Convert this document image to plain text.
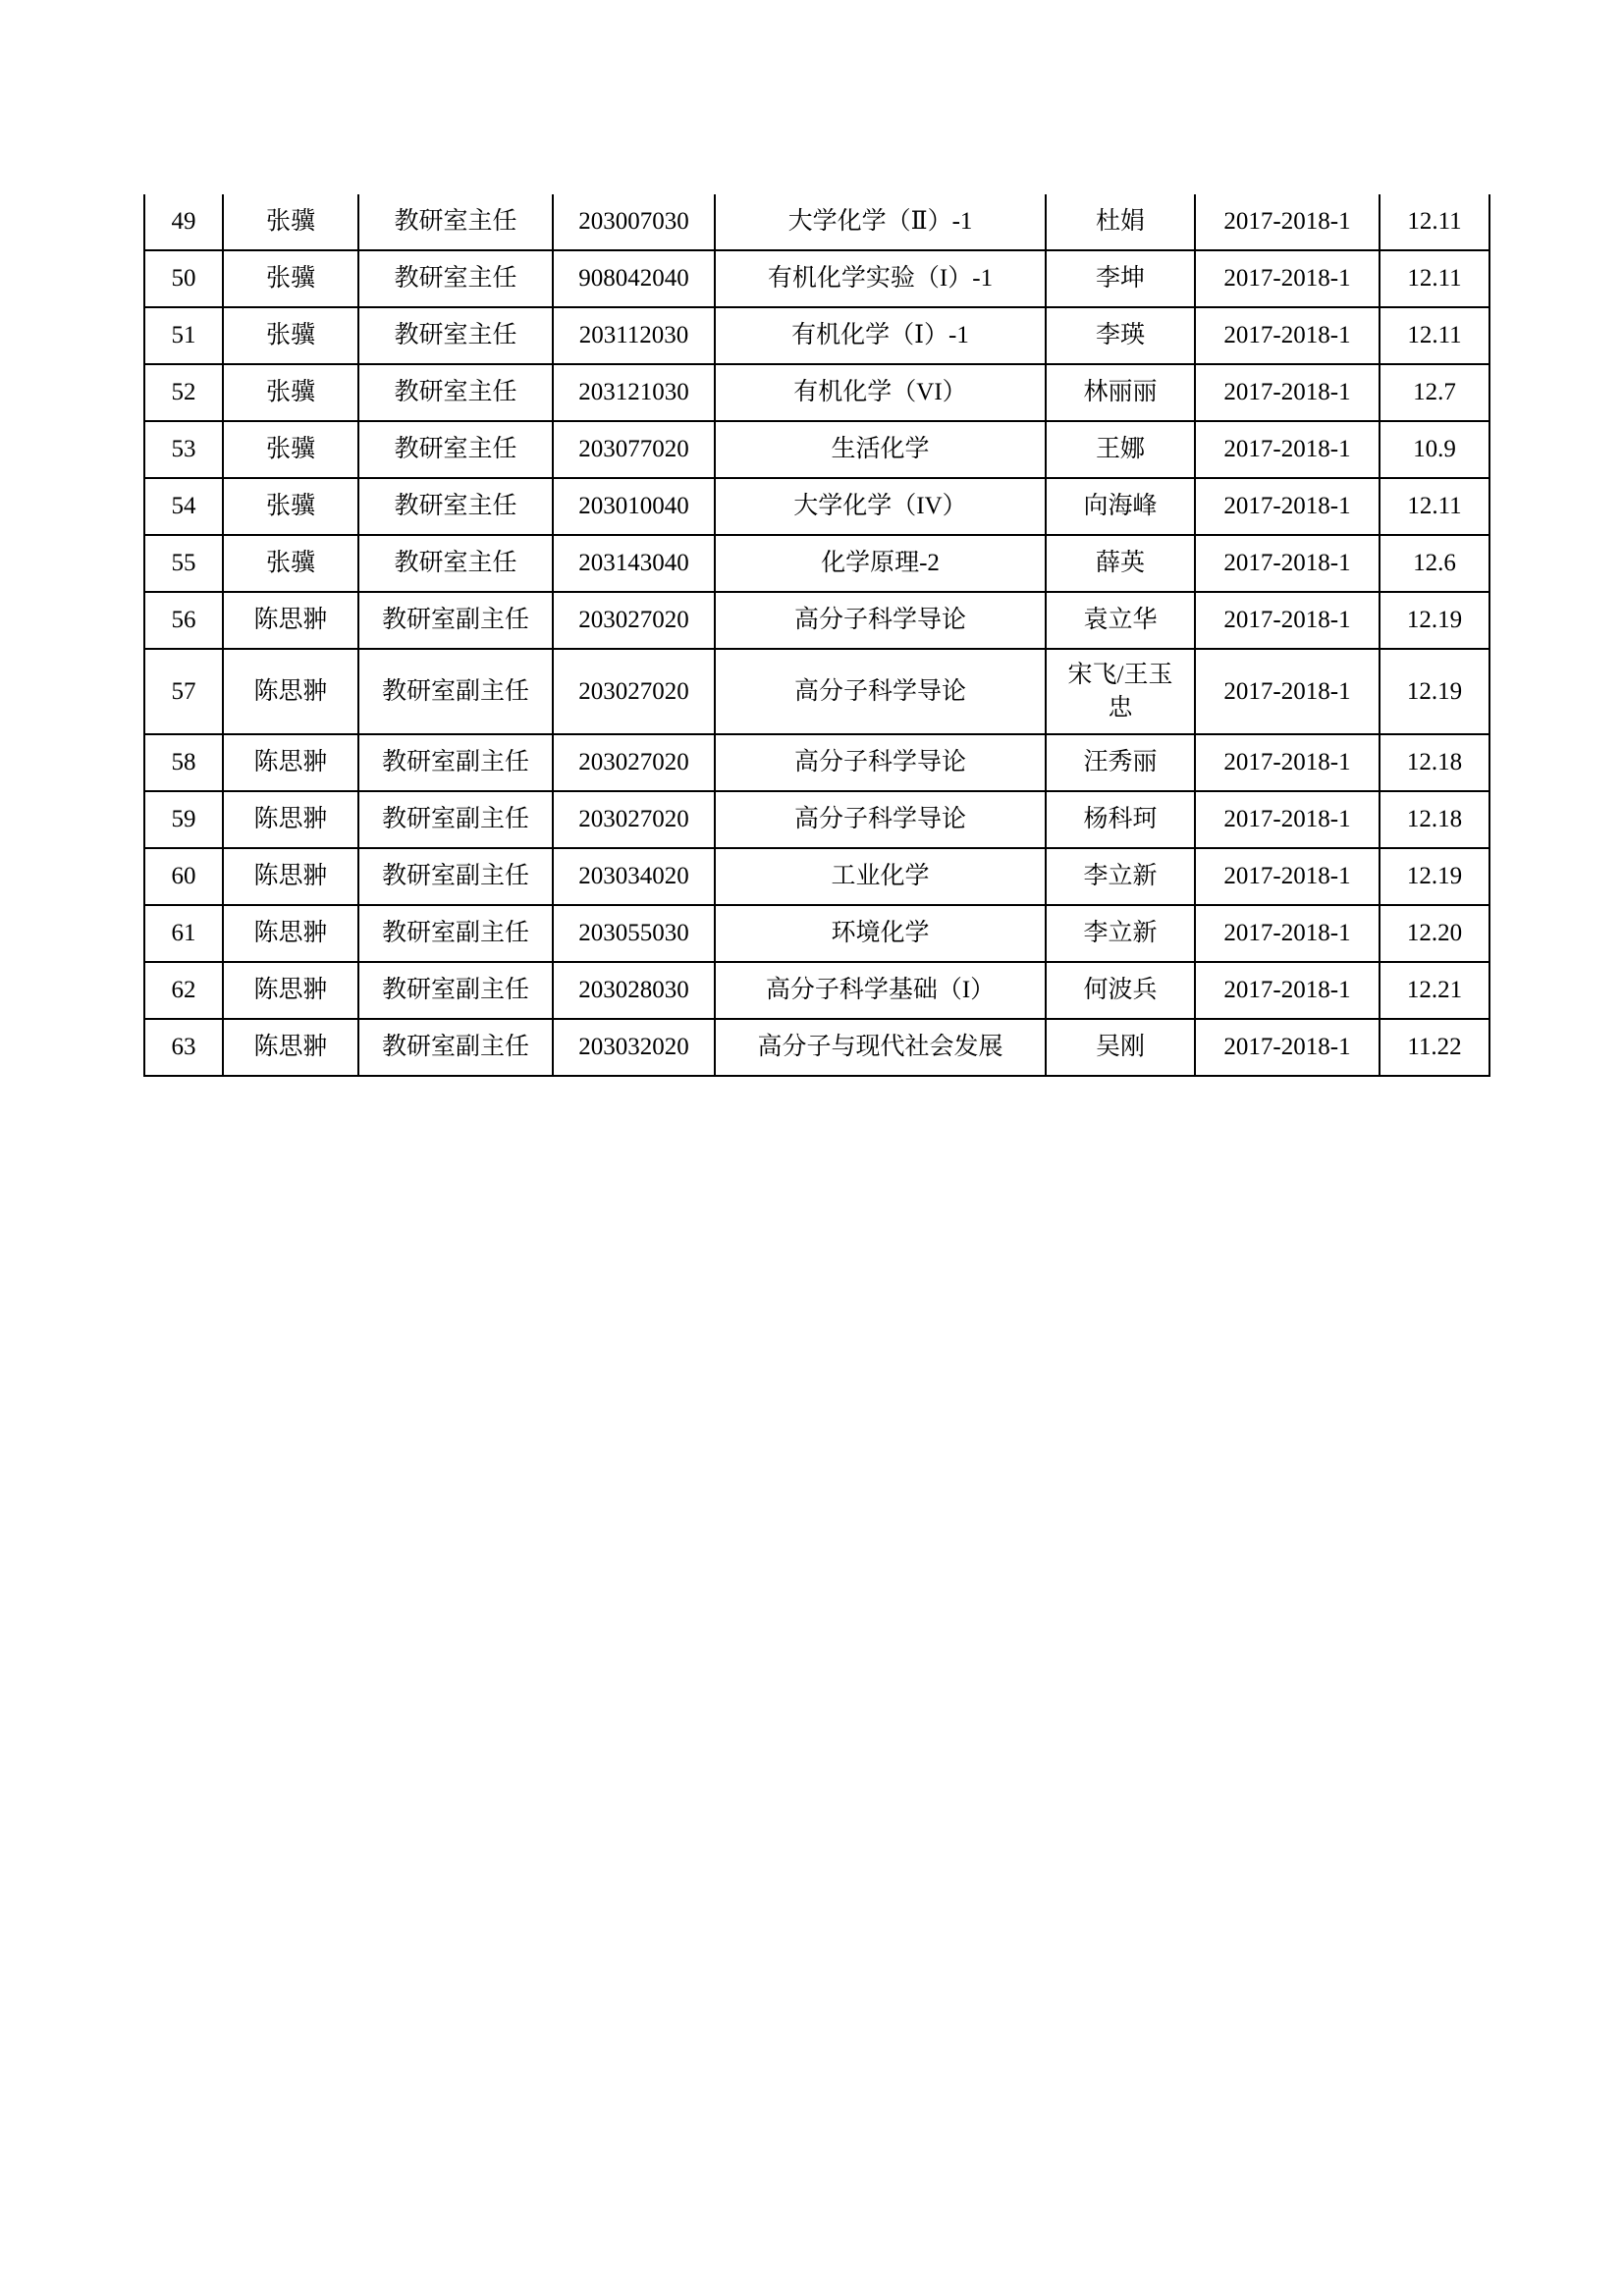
49	张骥	教研室主任	203007030	大学化学（Ⅱ）-1	杜娟	2017-2018-1	12.11
50	张骥	教研室主任	908042040	有机化学实验（I）-1	李坤	2017-2018-1	12.11
51	张骥	教研室主任	203112030	有机化学（Ⅰ）-1	李瑛	2017-2018-1	12.11
52	张骥	教研室主任	203121030	有机化学（VI）	林丽丽	2017-2018-1	12.7
53	张骥	教研室主任	203077020	生活化学	王娜	2017-2018-1	10.9
54	张骥	教研室主任	203010040	大学化学（IV）	向海峰	2017-2018-1	12.11
55	张骥	教研室主任	203143040	化学原理-2	薛英	2017-2018-1	12.6
56	陈思翀	教研室副主任	203027020	高分子科学导论	袁立华	2017-2018-1	12.19
57	陈思翀	教研室副主任	203027020	高分子科学导论	宋飞/王玉忠	2017-2018-1	12.19
58	陈思翀	教研室副主任	203027020	高分子科学导论	汪秀丽	2017-2018-1	12.18
59	陈思翀	教研室副主任	203027020	高分子科学导论	杨科珂	2017-2018-1	12.18
60	陈思翀	教研室副主任	203034020	工业化学	李立新	2017-2018-1	12.19
61	陈思翀	教研室副主任	203055030	环境化学	李立新	2017-2018-1	12.20
62	陈思翀	教研室副主任	203028030	高分子科学基础（I）	何波兵	2017-2018-1	12.21
63	陈思翀	教研室副主任	203032020	高分子与现代社会发展	吴刚	2017-2018-1	11.22
